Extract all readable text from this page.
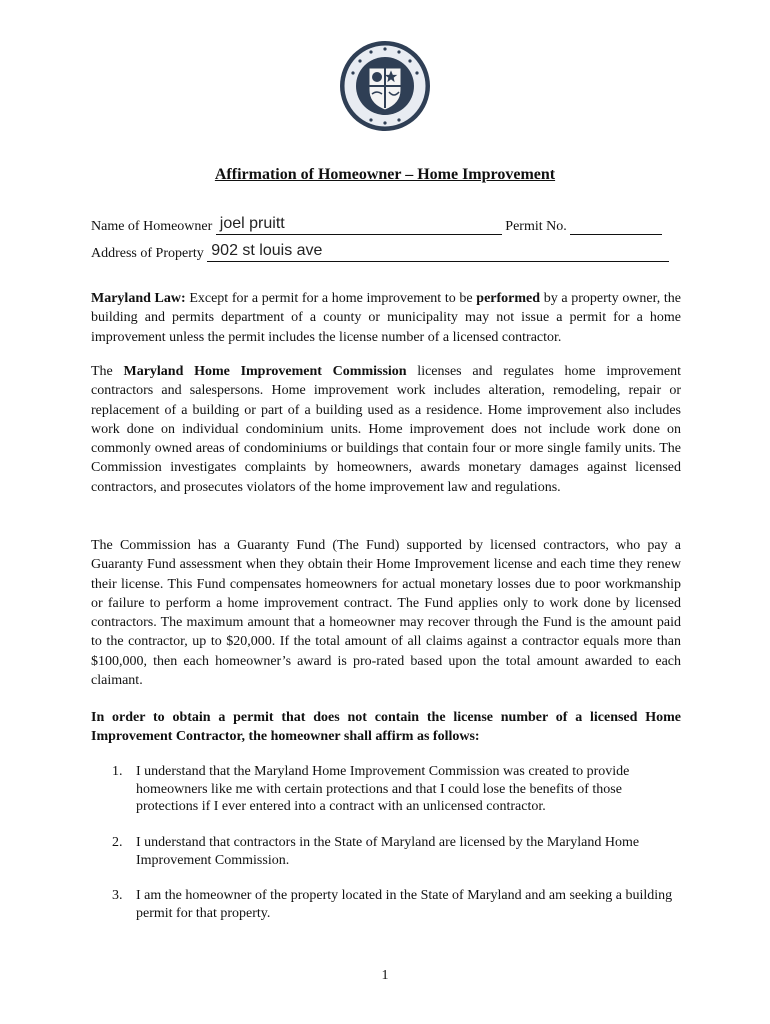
Affirmation of Homeowner – Home Improvement
Name of Homeowner joel pruitt	Permit No.
Address of Property 902 st louis ave
Maryland Law: Except for a permit for a home improvement to be performed by a property owner, the building and permits department of a county or municipality may not issue a permit for a home improvement unless the permit includes the license number of a licensed contractor.
The Maryland Home Improvement Commission licenses and regulates home improvement contractors and salespersons. Home improvement work includes alteration, remodeling, repair or replacement of a building or part of a building used as a residence. Home improvement also includes work done on individual condominium units. Home improvement does not include work done on commonly owned areas of condominiums or buildings that contain four or more single family units. The Commission investigates complaints by homeowners, awards monetary damages against licensed contractors, and prosecutes violators of the home improvement law and regulations.
The Commission has a Guaranty Fund (The Fund) supported by licensed contractors, who pay a Guaranty Fund assessment when they obtain their Home Improvement license and each time they renew their license. This Fund compensates homeowners for actual monetary losses due to poor workmanship or failure to perform a home improvement contract. The Fund applies only to work done by licensed contractors. The maximum amount that a homeowner may recover through the Fund is the amount paid to the contractor, up to $20,000. If the total amount of all claims against a contractor equals more than $100,000, then each homeowner’s award is pro-rated based upon the total amount awarded to each claimant.
In order to obtain a permit that does not contain the license number of a licensed Home Improvement Contractor, the homeowner shall affirm as follows:
1. I understand that the Maryland Home Improvement Commission was created to provide homeowners like me with certain protections and that I could lose the benefits of those protections if I ever entered into a contract with an unlicensed contractor.
2. I understand that contractors in the State of Maryland are licensed by the Maryland Home Improvement Commission.
3. I am the homeowner of the property located in the State of Maryland and am seeking a building permit for that property.
1
